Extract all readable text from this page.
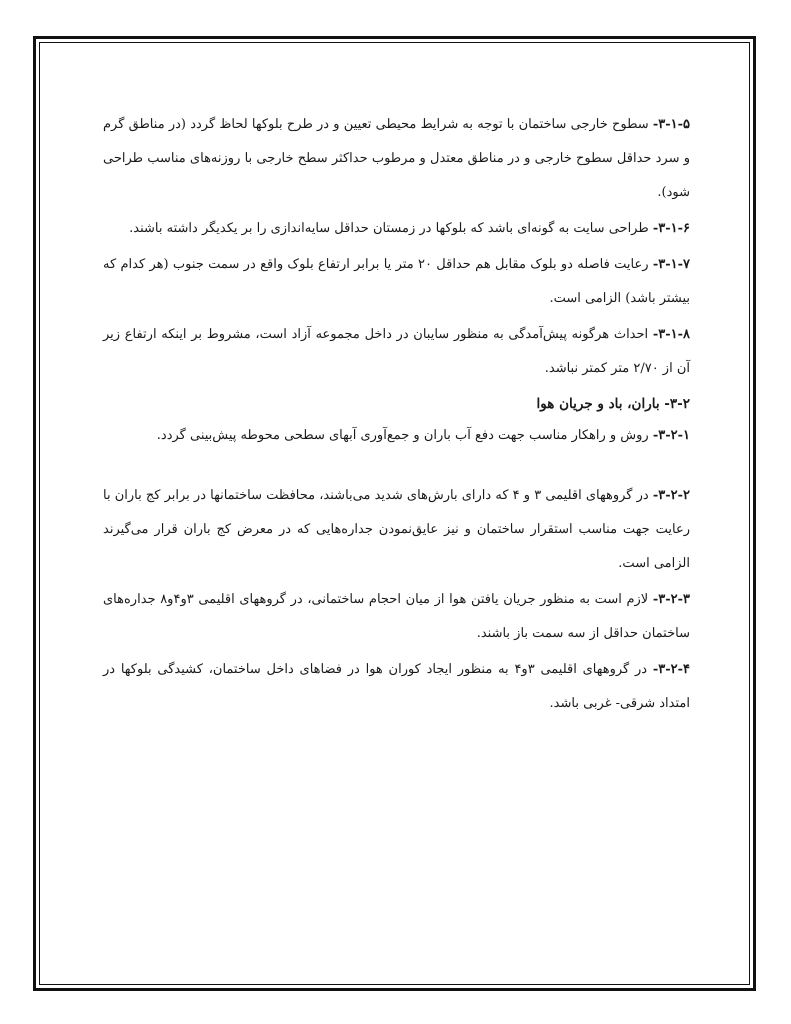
۳-۱-۵- سطوح خارجی ساختمان با توجه به شرایط محیطی تعیین و در طرح بلوکها لحاظ گردد (در مناطق گرم و سرد حداقل سطوح خارجی و در مناطق معتدل و مرطوب حداکثر سطح خارجی با روزنه‌های مناسب طراحی شود).

۳-۱-۶- طراحی سایت به گونه‌ای باشد که بلوکها در زمستان حداقل سایه‌اندازی را بر یکدیگر داشته باشند.

۳-۱-۷- رعایت فاصله دو بلوک مقابل هم حداقل ۲۰ متر یا برابر ارتفاع بلوک واقع در سمت جنوب (هر کدام که بیشتر باشد) الزامی است.

۳-۱-۸- احداث هرگونه پیش‌آمدگی به منظور سایبان در داخل مجموعه آزاد است، مشروط بر اینکه ارتفاع زیر آن از ۲/۷۰ متر کمتر نباشد.

۳-۲- باران، باد و جریان هوا

۳-۲-۱- روش و راهکار مناسب جهت دفع آب باران و جمع‌آوری آبهای سطحی محوطه پیش‌بینی گردد.

۳-۲-۲- در گروههای اقلیمی ۳ و ۴ که دارای بارش‌های شدید می‌باشند، محافظت ساختمانها در برابر کج باران با رعایت جهت مناسب استقرار ساختمان و نیز عایق‌نمودن جداره‌هایی که در معرض کج باران قرار می‌گیرند الزامی است.

۳-۲-۳- لازم است به منظور جریان یافتن هوا از میان احجام ساختمانی، در گروههای اقلیمی ۳و۴و۸ جداره‌های ساختمان حداقل از سه سمت باز باشند.

۳-۲-۴- در گروههای اقلیمی ۳و۴ به منظور ایجاد کوران هوا در فضاهای داخل ساختمان، کشیدگی بلوکها در امتداد شرقی- غربی باشد.
